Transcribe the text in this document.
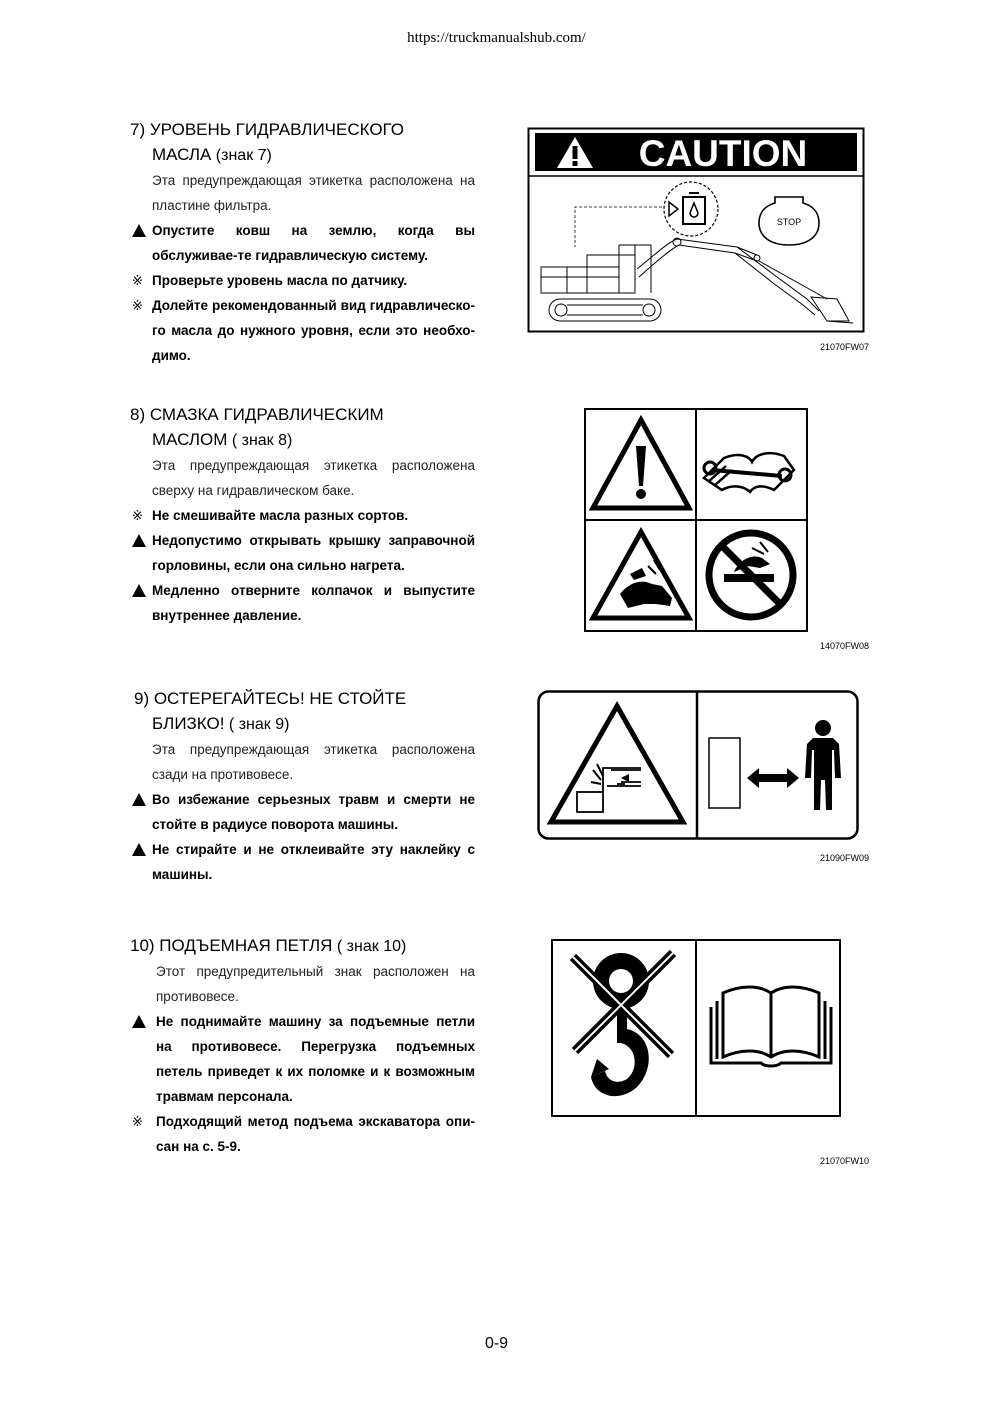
https://truckmanualshub.com/
7) УРОВЕНЬ ГИДРАВЛИЧЕСКОГО
МАСЛА (знак 7)
Эта предупреждающая этикетка расположена на пластине фильтра.
Опустите ковш на землю, когда вы обслуживае-те гидравлическую систему.
※ Проверьте уровень масла по датчику.
※ Долейте рекомендованный вид гидравлическо-го масла до нужного уровня, если это необхо-димо.
CAUTION
STOP
21070FW07
8) СМАЗКА ГИДРАВЛИЧЕСКИМ
МАСЛОМ ( знак 8)
Эта предупреждающая этикетка расположена сверху на гидравлическом баке.
※ Не смешивайте масла разных сортов.
Недопустимо открывать крышку заправочной горловины, если она сильно нагрета.
Медленно отверните колпачок и выпустите внутреннее давление.
14070FW08
9) ОСТЕРЕГАЙТЕСЬ! НЕ СТОЙТЕ
БЛИЗКО! ( знак 9)
Эта предупреждающая этикетка расположена сзади на противовесе.
Во избежание серьезных травм и смерти не стойте в радиусе поворота машины.
Не стирайте и не отклеивайте эту наклейку с машины.
21090FW09
10) ПОДЪЕМНАЯ ПЕТЛЯ ( знак 10)
Этот предупредительный знак расположен на противовесе.
Не поднимайте машину за подъемные петли на противовесе. Перегрузка подъемных петель приведет к их поломке и к возможным травмам персонала.
※ Подходящий метод подъема экскаватора опи-сан на с. 5-9.
21070FW10
0-9
